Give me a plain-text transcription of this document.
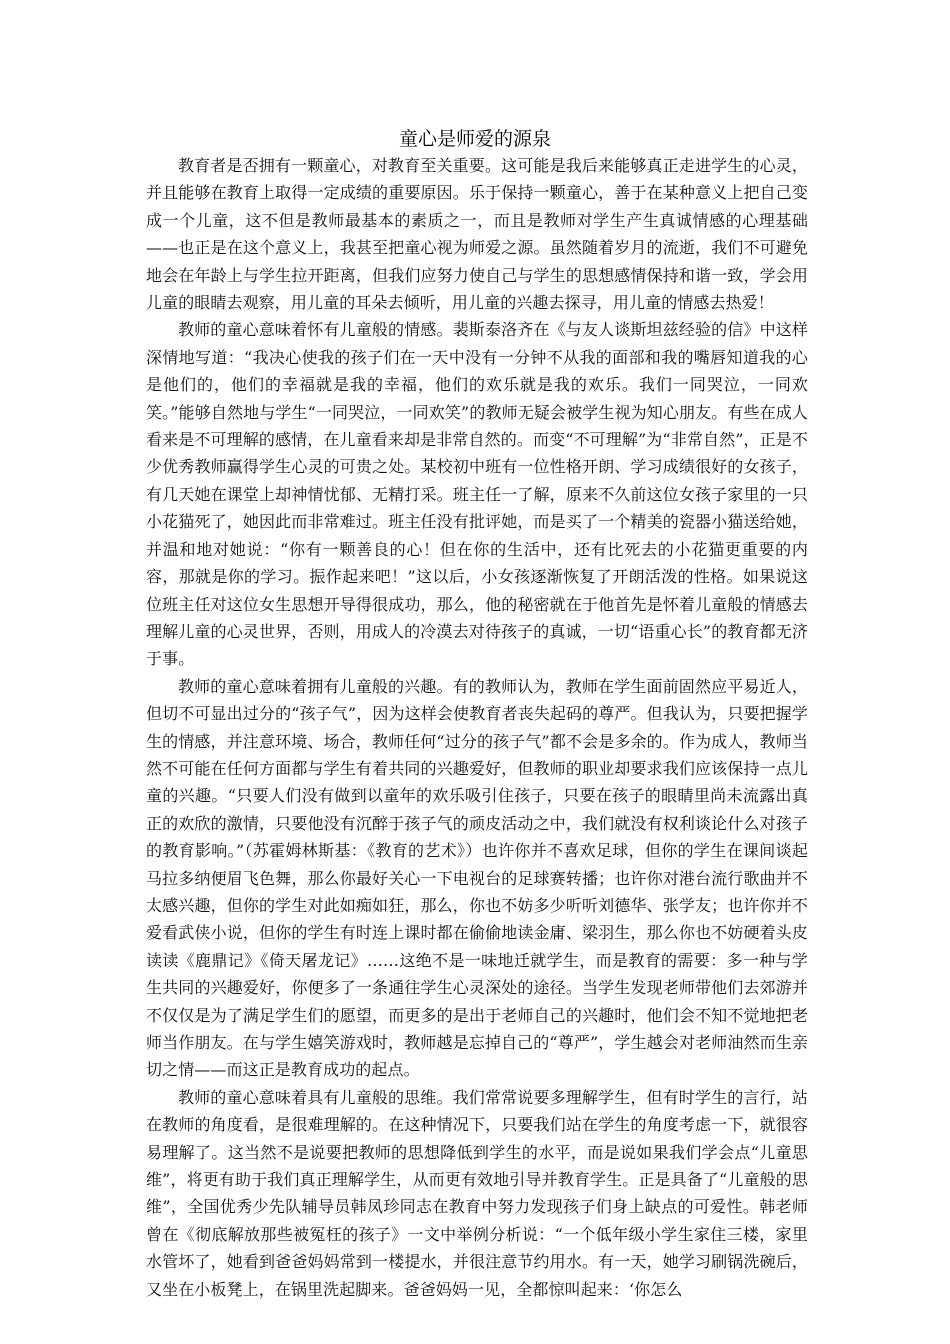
童心是师爱的源泉

教育者是否拥有一颗童心，对教育至关重要。这可能是我后来能够真正走进学生的心灵，并且能够在教育上取得一定成绩的重要原因。乐于保持一颗童心，善于在某种意义上把自己变成一个儿童，这不但是教师最基本的素质之一，而且是教师对学生产生真诚情感的心理基础——也正是在这个意义上，我甚至把童心视为师爱之源。虽然随着岁月的流逝，我们不可避免地会在年龄上与学生拉开距离，但我们应努力使自己与学生的思想感情保持和谐一致，学会用儿童的眼睛去观察，用儿童的耳朵去倾听，用儿童的兴趣去探寻，用儿童的情感去热爱！

教师的童心意味着怀有儿童般的情感。裴斯泰洛齐在《与友人谈斯坦兹经验的信》中这样深情地写道：“我决心使我的孩子们在一天中没有一分钟不从我的面部和我的嘴唇知道我的心是他们的，他们的幸福就是我的幸福，他们的欢乐就是我的欢乐。我们一同哭泣，一同欢笑。”能够自然地与学生“一同哭泣，一同欢笑”的教师无疑会被学生视为知心朋友。有些在成人看来是不可理解的感情，在儿童看来却是非常自然的。而变“不可理解”为“非常自然”，正是不少优秀教师赢得学生心灵的可贵之处。某校初中班有一位性格开朗、学习成绩很好的女孩子，有几天她在课堂上却神情忧郁、无精打采。班主任一了解，原来不久前这位女孩子家里的一只小花猫死了，她因此而非常难过。班主任没有批评她，而是买了一个精美的瓷器小猫送给她，并温和地对她说：“你有一颗善良的心！但在你的生活中，还有比死去的小花猫更重要的内容，那就是你的学习。振作起来吧！”这以后，小女孩逐渐恢复了开朗活泼的性格。如果说这位班主任对这位女生思想开导得很成功，那么，他的秘密就在于他首先是怀着儿童般的情感去理解儿童的心灵世界，否则，用成人的冷漠去对待孩子的真诚，一切“语重心长”的教育都无济于事。

教师的童心意味着拥有儿童般的兴趣。有的教师认为，教师在学生面前固然应平易近人，但切不可显出过分的“孩子气”，因为这样会使教育者丧失起码的尊严。但我认为，只要把握学生的情感，并注意环境、场合，教师任何“过分的孩子气”都不会是多余的。作为成人，教师当然不可能在任何方面都与学生有着共同的兴趣爱好，但教师的职业却要求我们应该保持一点儿童的兴趣。“只要人们没有做到以童年的欢乐吸引住孩子，只要在孩子的眼睛里尚未流露出真正的欢欣的激情，只要他没有沉醉于孩子气的顽皮活动之中，我们就没有权利谈论什么对孩子的教育影响。”（苏霍姆林斯基：《教育的艺术》）也许你并不喜欢足球，但你的学生在课间谈起马拉多纳便眉飞色舞，那么你最好关心一下电视台的足球赛转播；也许你对港台流行歌曲并不太感兴趣，但你的学生对此如痴如狂，那么，你也不妨多少听听刘德华、张学友；也许你并不爱看武侠小说，但你的学生有时连上课时都在偷偷地读金庸、梁羽生，那么你也不妨硬着头皮读读《鹿鼎记》《倚天屠龙记》……这绝不是一味地迁就学生，而是教育的需要：多一种与学生共同的兴趣爱好，你便多了一条通往学生心灵深处的途径。当学生发现老师带他们去郊游并不仅仅是为了满足学生们的愿望，而更多的是出于老师自己的兴趣时，他们会不知不觉地把老师当作朋友。在与学生嬉笑游戏时，教师越是忘掉自己的“尊严”，学生越会对老师油然而生亲切之情——而这正是教育成功的起点。

教师的童心意味着具有儿童般的思维。我们常常说要多理解学生，但有时学生的言行，站在教师的角度看，是很难理解的。在这种情况下，只要我们站在学生的角度考虑一下，就很容易理解了。这当然不是说要把教师的思想降低到学生的水平，而是说如果我们学会点“儿童思维”，将更有助于我们真正理解学生，从而更有效地引导并教育学生。正是具备了“儿童般的思维”，全国优秀少先队辅导员韩凤珍同志在教育中努力发现孩子们身上缺点的可爱性。韩老师曾在《彻底解放那些被冤枉的孩子》一文中举例分析说：“一个低年级小学生家住三楼，家里水管坏了，她看到爸爸妈妈常到一楼提水，并很注意节约用水。有一天，她学习刷锅洗碗后，又坐在小板凳上，在锅里洗起脚来。爸爸妈妈一见，全都惊叫起来：‘你怎么
